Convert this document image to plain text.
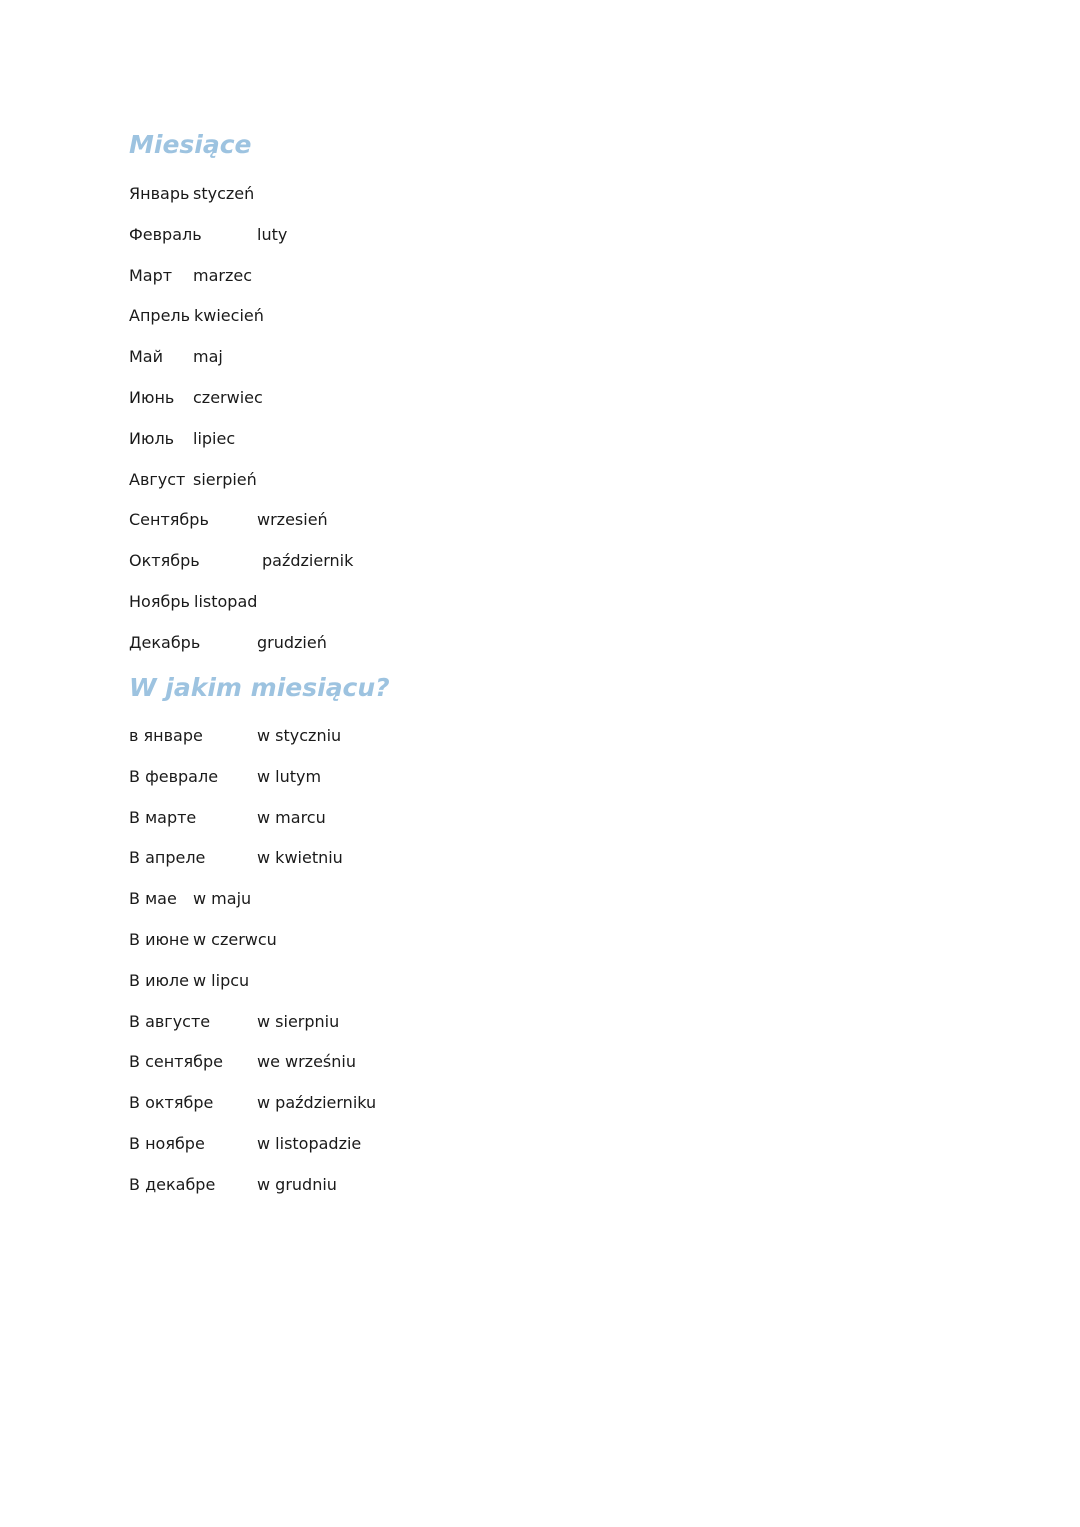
Miesiące
Январь styczeń
Февраль	luty
Март marzec
Апрель kwiecień
Май maj
Июнь czerwiec
Июль lipiec
Август sierpień
Сентябрь	wrzesień
Октябрь	październik
Ноябрь listopad
Декабрь	grudzień
W jakim miesiącu?
в январе	w styczniu
В феврале w lutym
В марте	w marcu
В апреле	w kwietniu
В мае w maju
В июне w czerwcu
В июле w lipcu
В августе	w sierpniu
В сентябре we wrześniu
В октябре	w październiku
В ноябре	w listopadzie
В декабре	w grudniu
